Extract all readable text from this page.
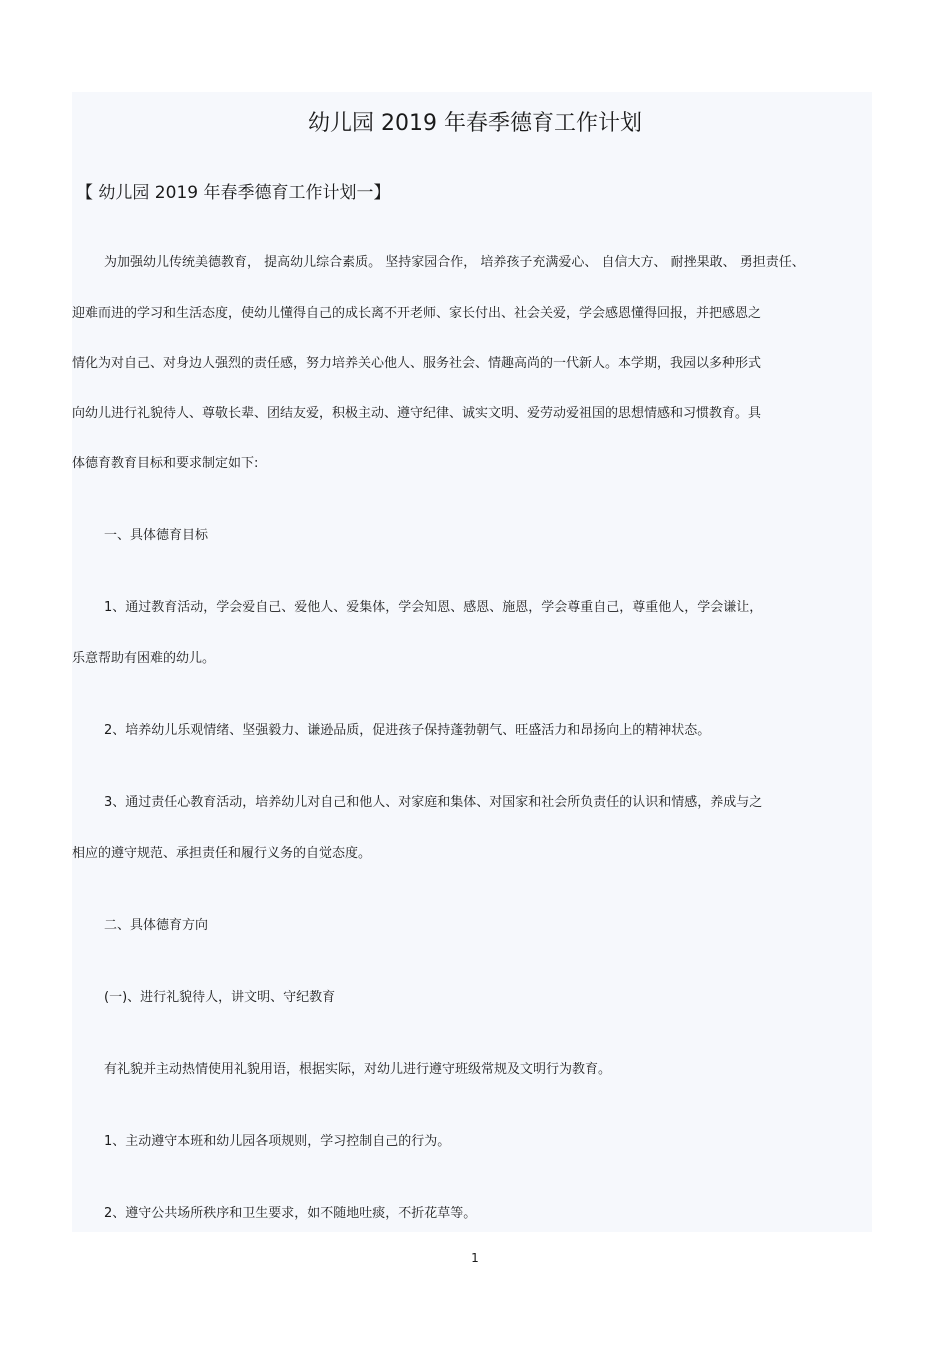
幼儿园 2019 年春季德育工作计划
【 幼儿园 2019 年春季德育工作计划一】
为加强幼儿传统美德教育， 提高幼儿综合素质。 坚持家园合作， 培养孩子充满爱心、 自信大方、 耐挫果敢、 勇担责任、
迎难而进的学习和生活态度，使幼儿懂得自己的成长离不开老师、家长付出、社会关爱，学会感恩懂得回报，并把感恩之
情化为对自己、对身边人强烈的责任感，努力培养关心他人、服务社会、情趣高尚的一代新人。本学期，我园以多种形式
向幼儿进行礼貌待人、尊敬长辈、团结友爱，积极主动、遵守纪律、诚实文明、爱劳动爱祖国的思想情感和习惯教育。具
体德育教育目标和要求制定如下:
一、具体德育目标
1、通过教育活动，学会爱自己、爱他人、爱集体，学会知恩、感恩、施恩，学会尊重自己，尊重他人，学会谦让，
乐意帮助有困难的幼儿。
2、培养幼儿乐观情绪、坚强毅力、谦逊品质，促进孩子保持蓬勃朝气、旺盛活力和昂扬向上的精神状态。
3、通过责任心教育活动，培养幼儿对自己和他人、对家庭和集体、对国家和社会所负责任的认识和情感，养成与之
相应的遵守规范、承担责任和履行义务的自觉态度。
二、具体德育方向
(一)、进行礼貌待人，讲文明、守纪教育
有礼貌并主动热情使用礼貌用语，根据实际，对幼儿进行遵守班级常规及文明行为教育。
1、主动遵守本班和幼儿园各项规则，学习控制自己的行为。
2、遵守公共场所秩序和卫生要求，如不随地吐痰，不折花草等。
1
